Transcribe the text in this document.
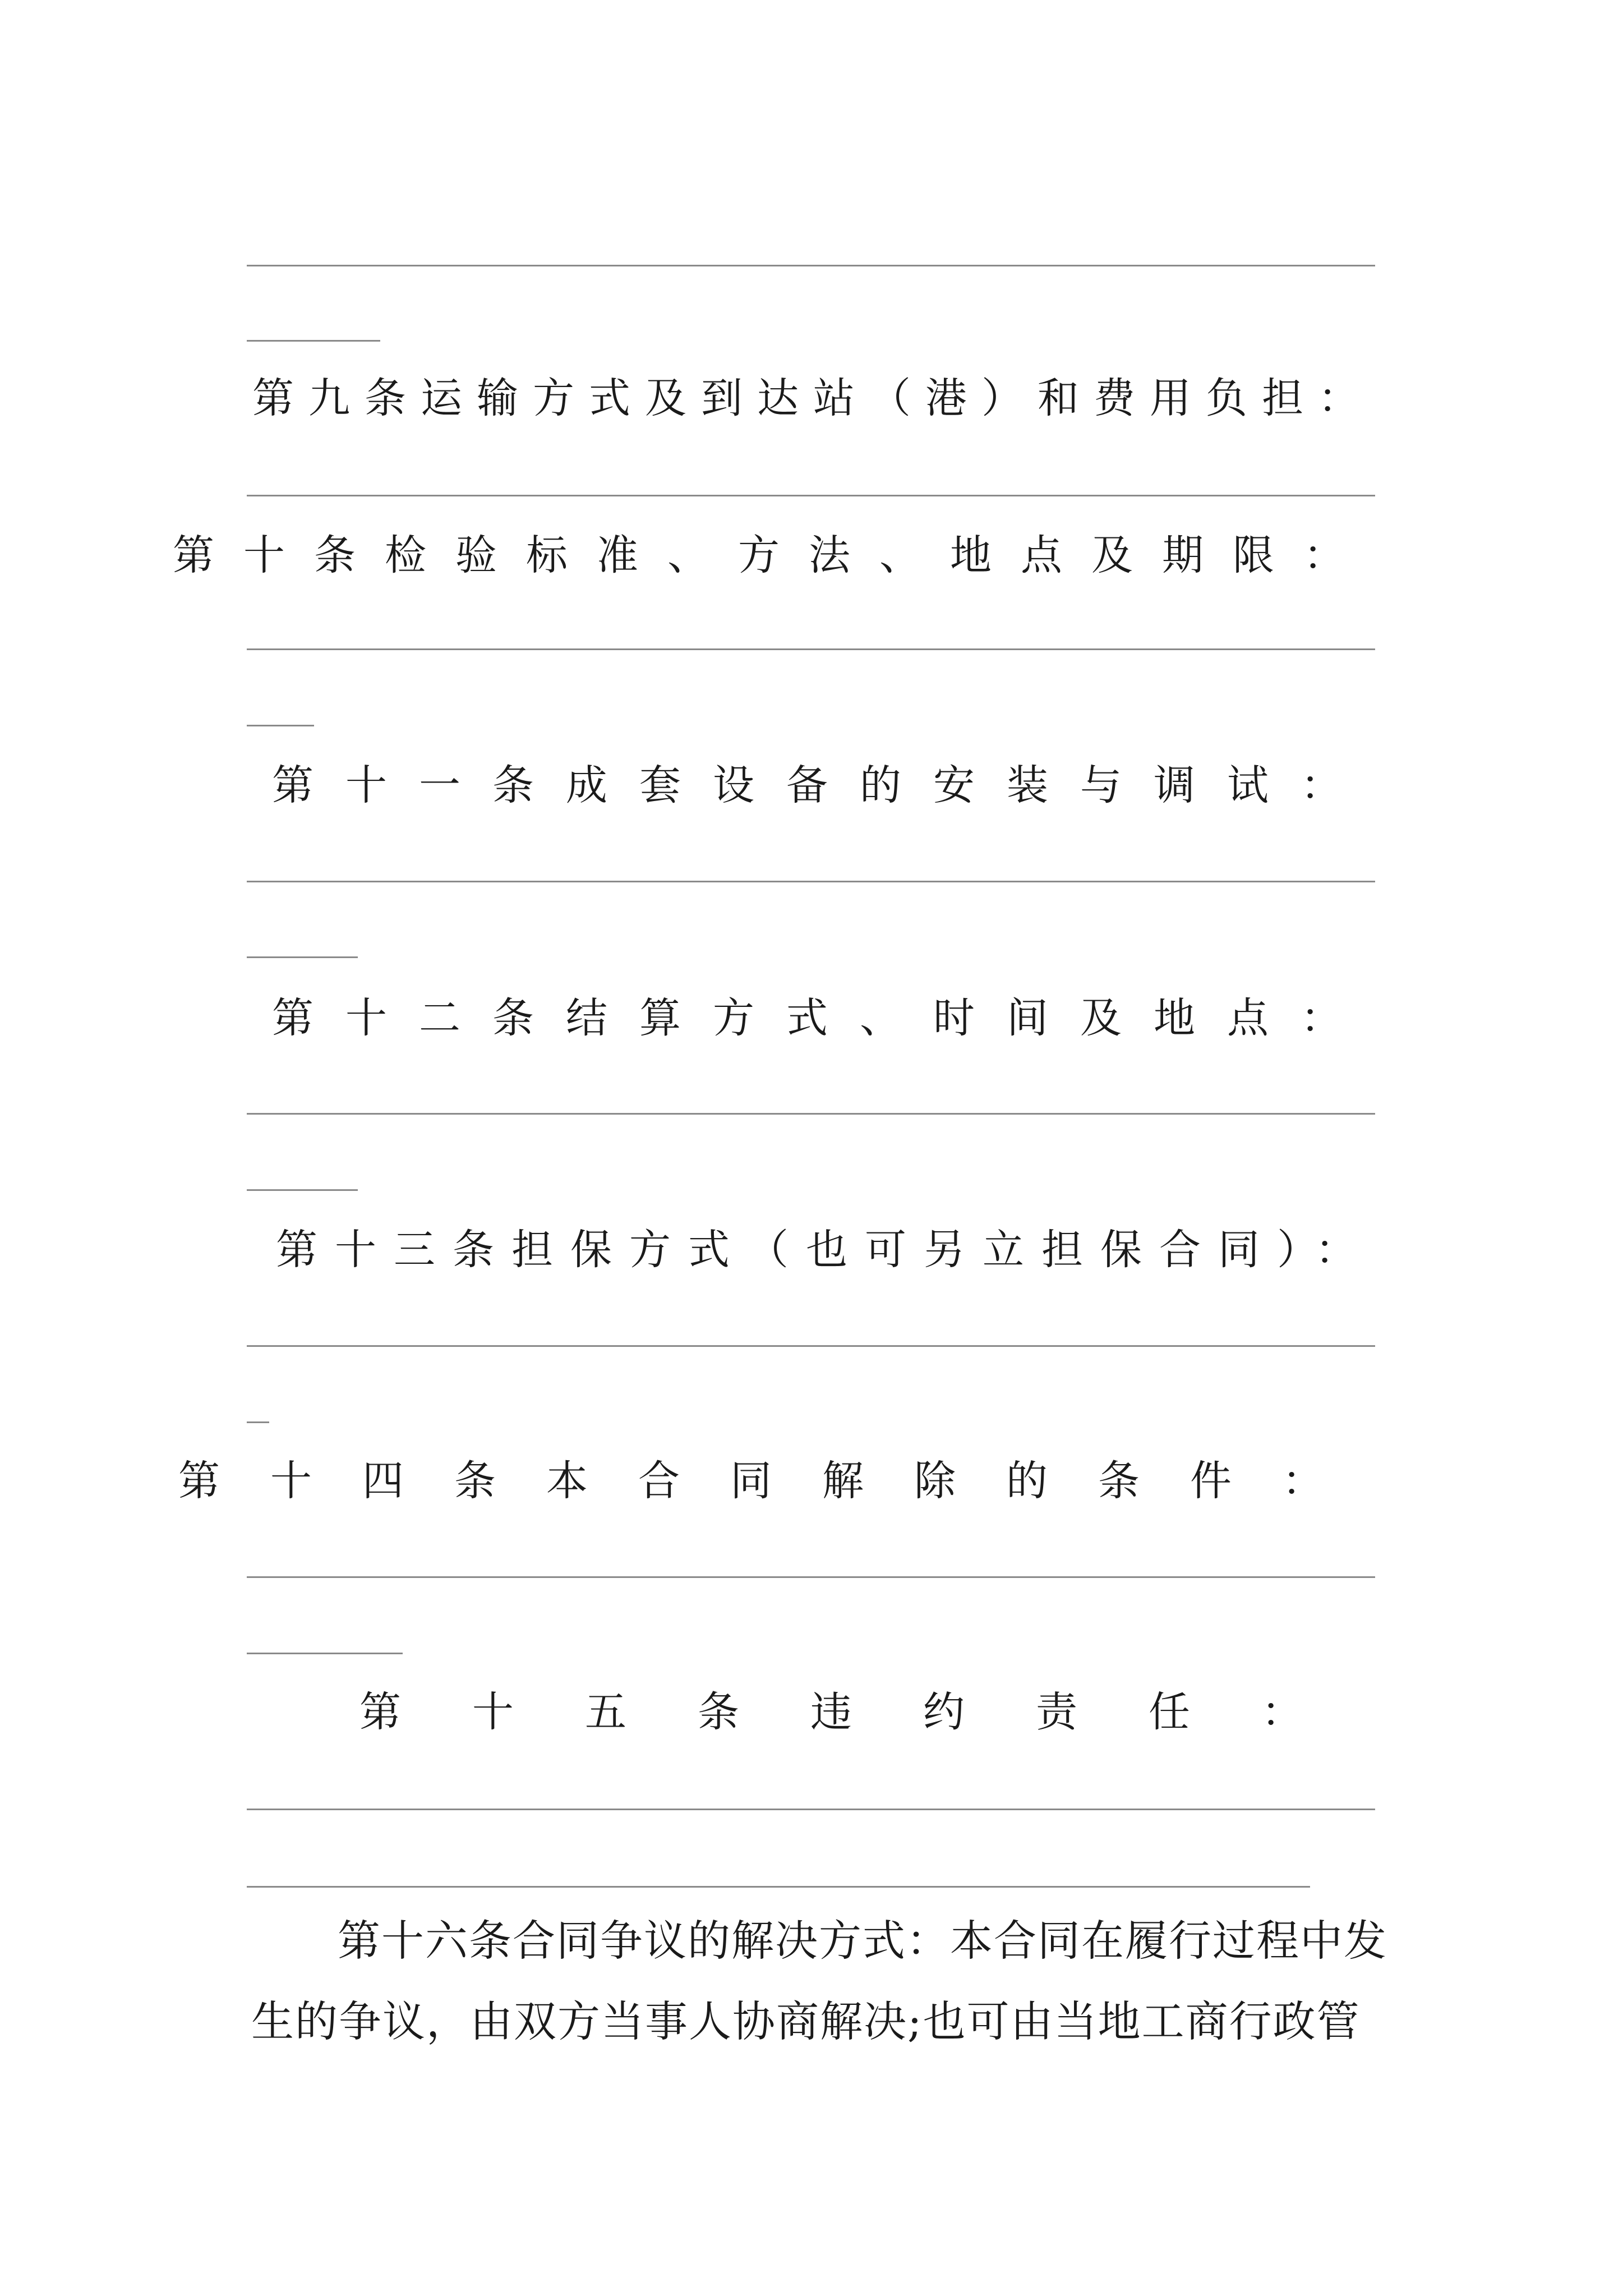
第九条运输方式及到达站（港）和费用负担：
第十条检验标准、方法、地点及期限：
第十一条成套设备的安装与调试：
第十二条结算方式、时间及地点：
第十三条担保方式（也可另立担保合同）：
第十四条本合同解除的条件：
第十五条违约责任：
第十六条合同争议的解决方式：本合同在履行过程中发
生的争议，由双方当事人协商解决;也可由当地工商行政管
